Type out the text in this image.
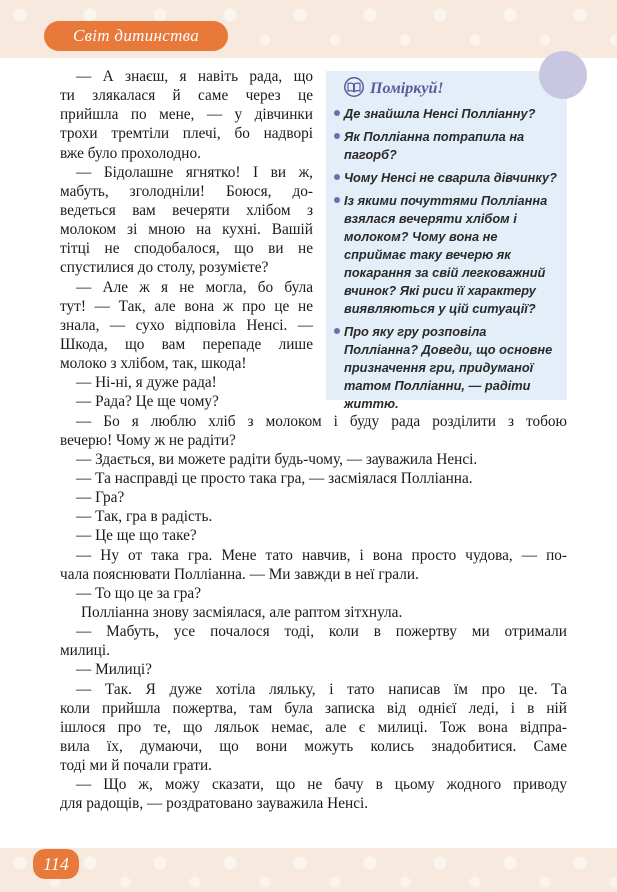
Світ дитинства
Поміркуй!
Де знайшла Ненсі Полліанну?
Як Полліанна потрапила на пагорб?
Чому Ненсі не сварила дівчинку?
Із якими почуттями Полліанна взялася вечеряти хлібом і молоком? Чому вона не сприймає таку вечерю як покарання за свій легковажний вчинок? Які риси її характеру виявляються у цій ситуації?
Про яку гру розповіла Полліанна? Доведи, що основне призначення гри, придуманої татом Полліанни, — радіти життю.
— А знаєш, я навіть рада, що
ти злякалася й саме через це
прийшла по мене, — у дівчинки
трохи тремтіли плечі, бо надворі
вже було прохолодно.
— Бідолашне ягнятко! І ви ж,
мабуть, зголодніли! Боюся, до-
ведеться вам вечеряти хлібом з
молоком зі мною на кухні. Вашій
тітці не сподобалося, що ви не
спустилися до столу, розумієте?
— Але ж я не могла, бо була
тут! — Так, але вона ж про це не
знала, — сухо відповіла Ненсі. —
Шкода, що вам перепаде лише
молоко з хлібом, так, шкода!
— Ні-ні, я дуже рада!
— Рада? Це ще чому?
— Бо я люблю хліб з молоком і буду рада розділити з тобою
вечерю! Чому ж не радіти?
— Здається, ви можете радіти будь-чому, — зауважила Ненсі.
— Та насправді це просто така гра, — засміялася Полліанна.
— Гра?
— Так, гра в радість.
— Це ще що таке?
— Ну от така гра. Мене тато навчив, і вона просто чудова, — по-
чала пояснювати Полліанна. — Ми завжди в неї грали.
— То що це за гра?
Полліанна знову засміялася, але раптом зітхнула.
— Мабуть, усе почалося тоді, коли в пожертву ми отримали
милиці.
— Милиці?
— Так. Я дуже хотіла ляльку, і тато написав їм про це. Та
коли прийшла пожертва, там була записка від однієї леді, і в ній
ішлося про те, що ляльок немає, але є милиці. Тож вона відпра-
вила їх, думаючи, що вони можуть колись знадобитися. Саме
тоді ми й почали грати.
— Що ж, можу сказати, що не бачу в цьому жодного приводу
для радощів, — роздратовано зауважила Ненсі.
114
